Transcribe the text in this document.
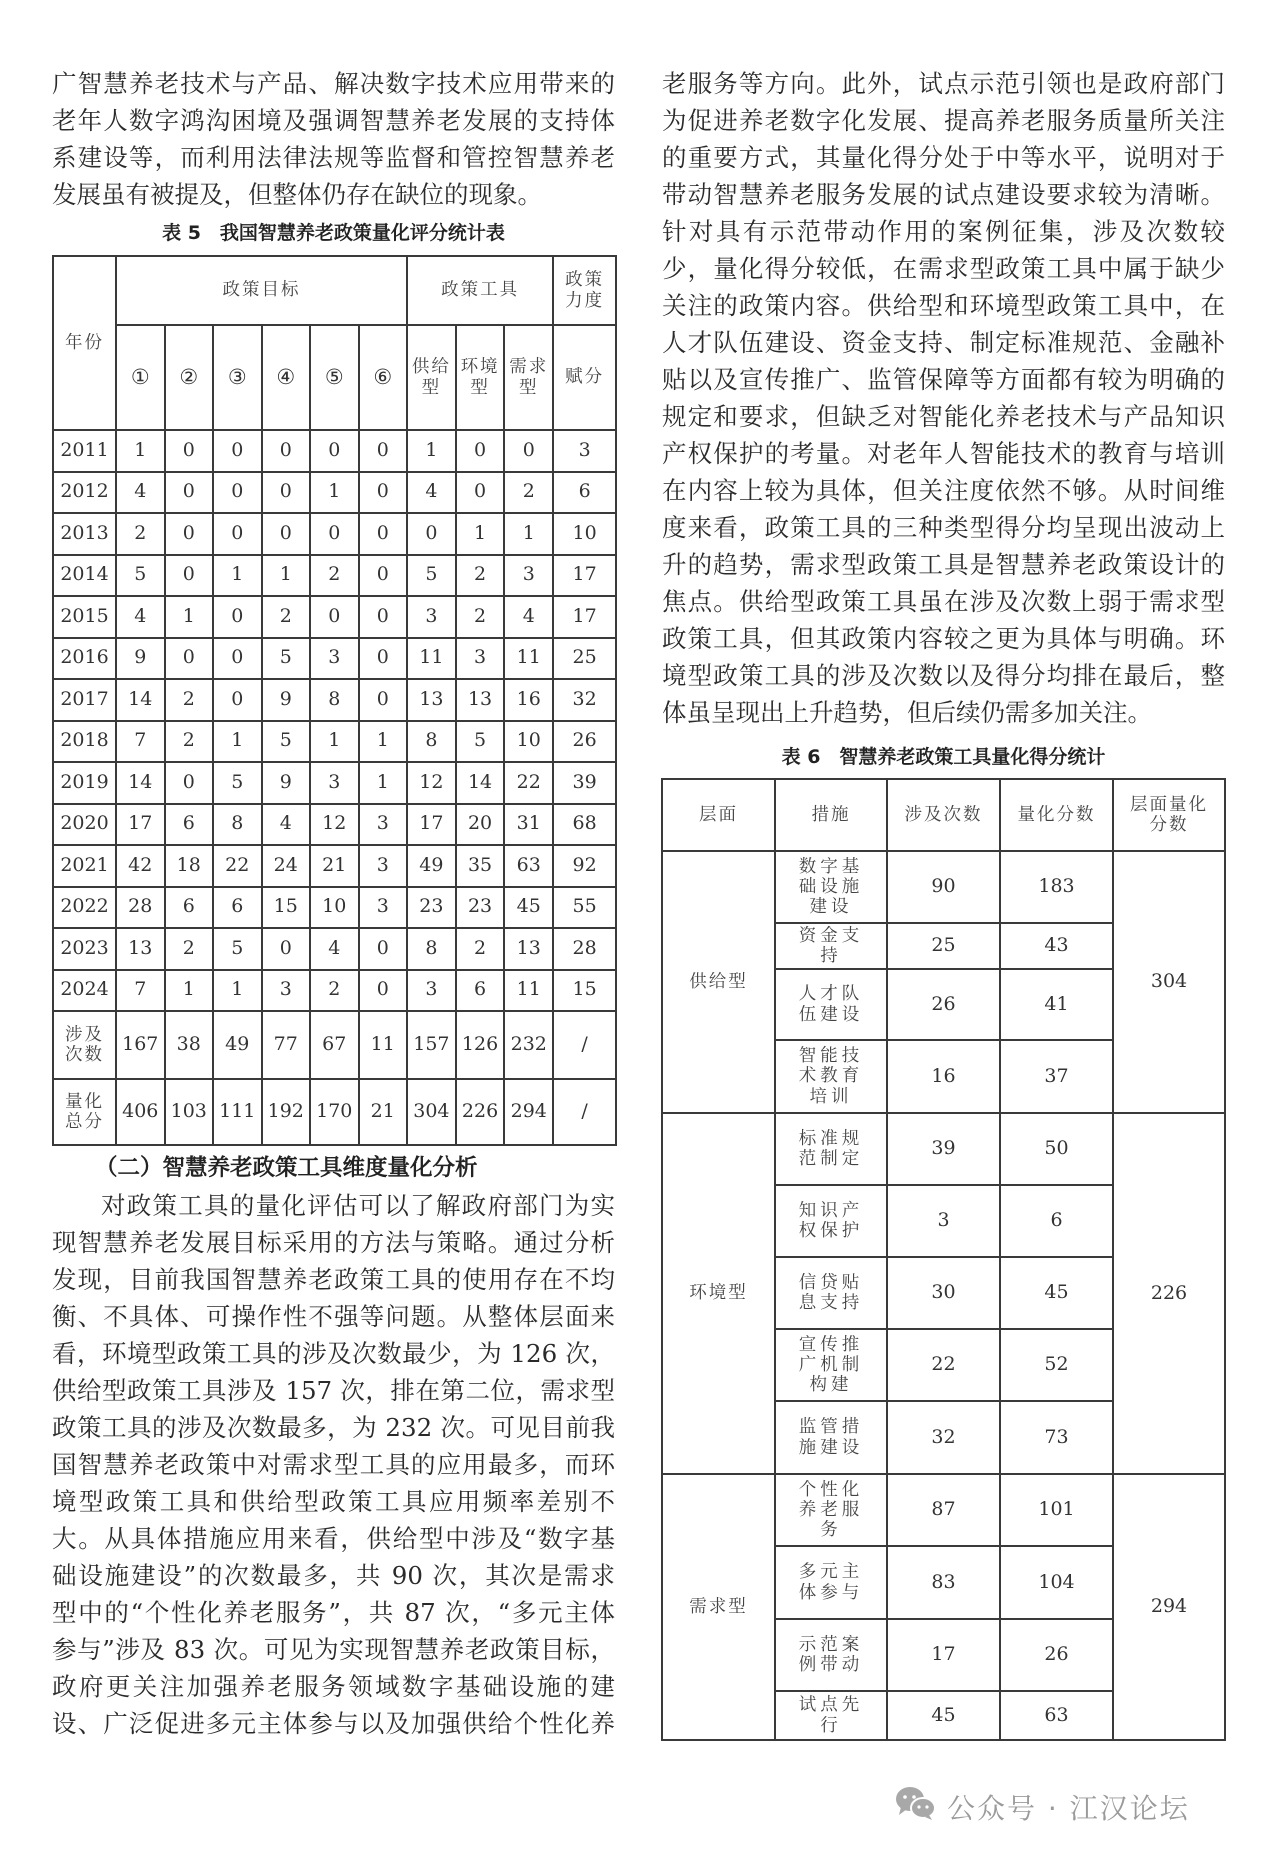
广智慧养老技术与产品、解决数字技术应用带来的
老年人数字鸿沟困境及强调智慧养老发展的支持体
系建设等，而利用法律法规等监督和管控智慧养老
发展虽有被提及，但整体仍存在缺位的现象。
表 5　我国智慧养老政策量化评分统计表
年份	政策目标						政策工具			政策力度
	①	②	③	④	⑤	⑥	供给型	环境型	需求型	赋分
2011	1	0	0	0	0	0	1	0	0	3
2012	4	0	0	0	1	0	4	0	2	6
2013	2	0	0	0	0	0	0	1	1	10
2014	5	0	1	1	2	0	5	2	3	17
2015	4	1	0	2	0	0	3	2	4	17
2016	9	0	0	5	3	0	11	3	11	25
2017	14	2	0	9	8	0	13	13	16	32
2018	7	2	1	5	1	1	8	5	10	26
2019	14	0	5	9	3	1	12	14	22	39
2020	17	6	8	4	12	3	17	20	31	68
2021	42	18	22	24	21	3	49	35	63	92
2022	28	6	6	15	10	3	23	23	45	55
2023	13	2	5	0	4	0	8	2	13	28
2024	7	1	1	3	2	0	3	6	11	15
涉及次数	167	38	49	77	67	11	157	126	232	/
量化总分	406	103	111	192	170	21	304	226	294	/
（二）智慧养老政策工具维度量化分析
对政策工具的量化评估可以了解政府部门为实
现智慧养老发展目标采用的方法与策略。通过分析
发现，目前我国智慧养老政策工具的使用存在不均
衡、不具体、可操作性不强等问题。从整体层面来
看，环境型政策工具的涉及次数最少，为 126 次，
供给型政策工具涉及 157 次，排在第二位，需求型
政策工具的涉及次数最多，为 232 次。可见目前我
国智慧养老政策中对需求型工具的应用最多，而环
境型政策工具和供给型政策工具应用频率差别不
大。从具体措施应用来看，供给型中涉及“数字基
础设施建设”的次数最多，共 90 次，其次是需求
型中的“个性化养老服务”，共 87 次，“多元主体
参与”涉及 83 次。可见为实现智慧养老政策目标，
政府更关注加强养老服务领域数字基础设施的建
设、广泛促进多元主体参与以及加强供给个性化养
老服务等方向。此外，试点示范引领也是政府部门
为促进养老数字化发展、提高养老服务质量所关注
的重要方式，其量化得分处于中等水平，说明对于
带动智慧养老服务发展的试点建设要求较为清晰。
针对具有示范带动作用的案例征集，涉及次数较
少，量化得分较低，在需求型政策工具中属于缺少
关注的政策内容。供给型和环境型政策工具中，在
人才队伍建设、资金支持、制定标准规范、金融补
贴以及宣传推广、监管保障等方面都有较为明确的
规定和要求，但缺乏对智能化养老技术与产品知识
产权保护的考量。对老年人智能技术的教育与培训
在内容上较为具体，但关注度依然不够。从时间维
度来看，政策工具的三种类型得分均呈现出波动上
升的趋势，需求型政策工具是智慧养老政策设计的
焦点。供给型政策工具虽在涉及次数上弱于需求型
政策工具，但其政策内容较之更为具体与明确。环
境型政策工具的涉及次数以及得分均排在最后，整
体虽呈现出上升趋势，但后续仍需多加关注。
表 6　智慧养老政策工具量化得分统计
层面	措施	涉及次数	量化分数	层面量化分数
供给型	数字基础设施建设	90	183	304
	资金支持	25	43	
	人才队伍建设	26	41	
	智能技术教育培训	16	37	
环境型	标准规范制定	39	50	226
	知识产权保护	3	6	
	信贷贴息支持	30	45	
	宣传推广机制构建	22	52	
	监管措施建设	32	73	
需求型	个性化养老服务	87	101	294
	多元主体参与	83	104	
	示范案例带动	17	26	
	试点先行	45	63	
公众号 · 江汉论坛
